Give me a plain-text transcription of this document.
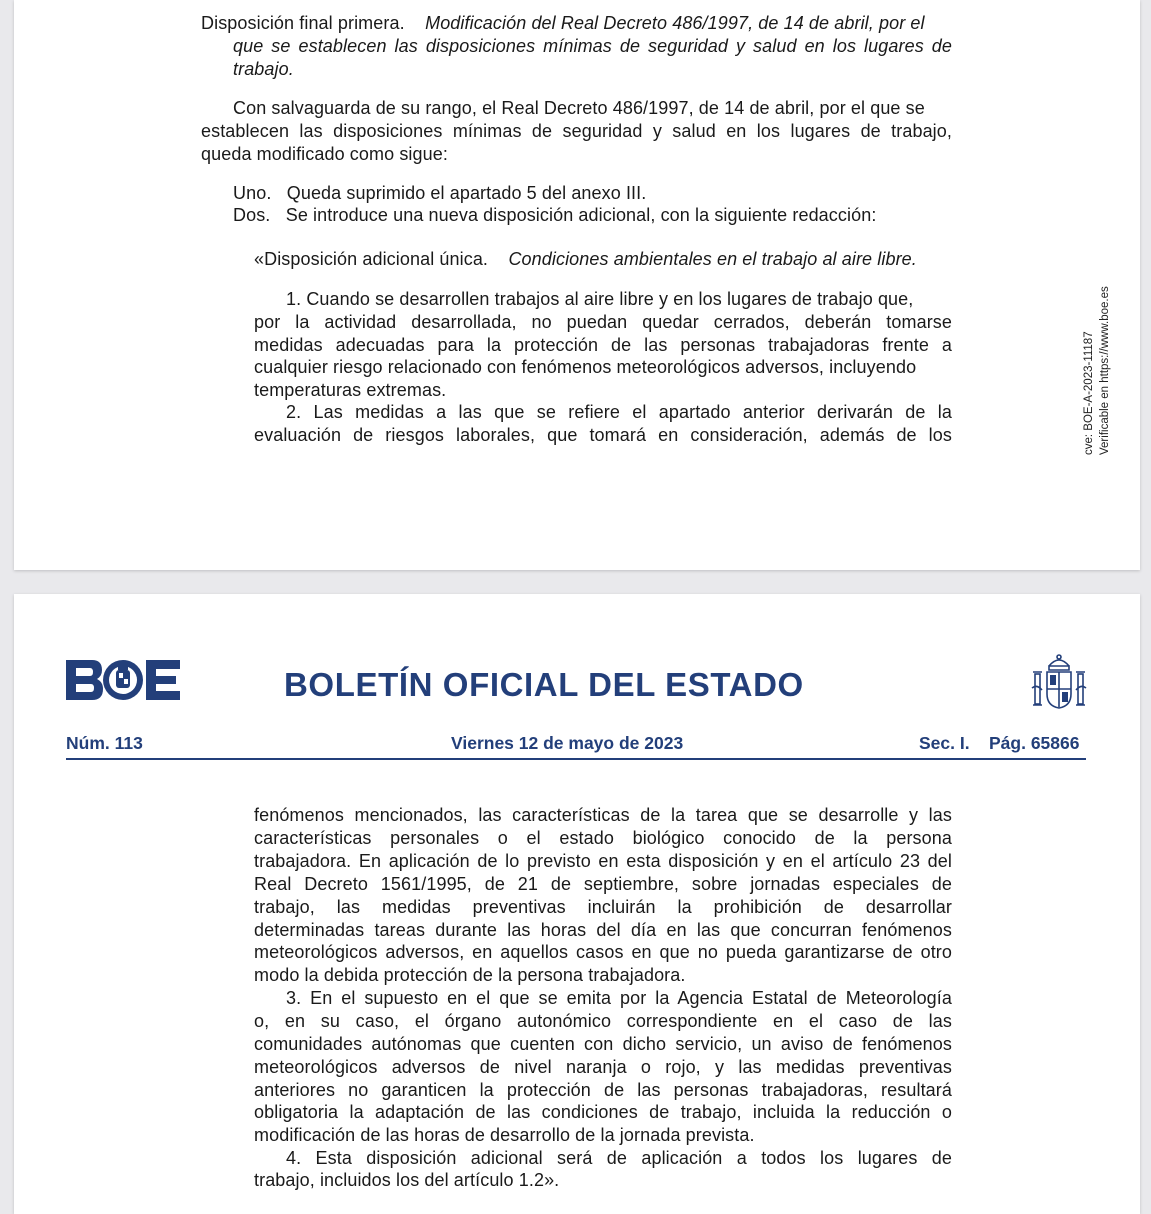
Disposición final primera. Modificación del Real Decreto 486/1997, de 14 de abril, por el
que se establecen las disposiciones mínimas de seguridad y salud en los lugares de
trabajo.
Con salvaguarda de su rango, el Real Decreto 486/1997, de 14 de abril, por el que se
establecen las disposiciones mínimas de seguridad y salud en los lugares de trabajo,
queda modificado como sigue:
Uno. Queda suprimido el apartado 5 del anexo III.
Dos. Se introduce una nueva disposición adicional, con la siguiente redacción:
«Disposición adicional única. Condiciones ambientales en el trabajo al aire libre.
1. Cuando se desarrollen trabajos al aire libre y en los lugares de trabajo que,
por la actividad desarrollada, no puedan quedar cerrados, deberán tomarse
medidas adecuadas para la protección de las personas trabajadoras frente a
cualquier riesgo relacionado con fenómenos meteorológicos adversos, incluyendo
temperaturas extremas.
2. Las medidas a las que se refiere el apartado anterior derivarán de la
evaluación de riesgos laborales, que tomará en consideración, además de los	cve: BOE-A-2023-11187 Verificable en https://www.boe.es
BOLETÍN OFICIAL DEL ESTADO
Núm. 113	Viernes 12 de mayo de 2023	Sec. I. Pág. 65866
fenómenos mencionados, las características de la tarea que se desarrolle y las
características personales o el estado biológico conocido de la persona
trabajadora. En aplicación de lo previsto en esta disposición y en el artículo 23 del
Real Decreto 1561/1995, de 21 de septiembre, sobre jornadas especiales de
trabajo, las medidas preventivas incluirán la prohibición de desarrollar
determinadas tareas durante las horas del día en las que concurran fenómenos
meteorológicos adversos, en aquellos casos en que no pueda garantizarse de otro
modo la debida protección de la persona trabajadora.
3. En el supuesto en el que se emita por la Agencia Estatal de Meteorología
o, en su caso, el órgano autonómico correspondiente en el caso de las
comunidades autónomas que cuenten con dicho servicio, un aviso de fenómenos
meteorológicos adversos de nivel naranja o rojo, y las medidas preventivas
anteriores no garanticen la protección de las personas trabajadoras, resultará
obligatoria la adaptación de las condiciones de trabajo, incluida la reducción o
modificación de las horas de desarrollo de la jornada prevista.
4. Esta disposición adicional será de aplicación a todos los lugares de
trabajo, incluidos los del artículo 1.2».
